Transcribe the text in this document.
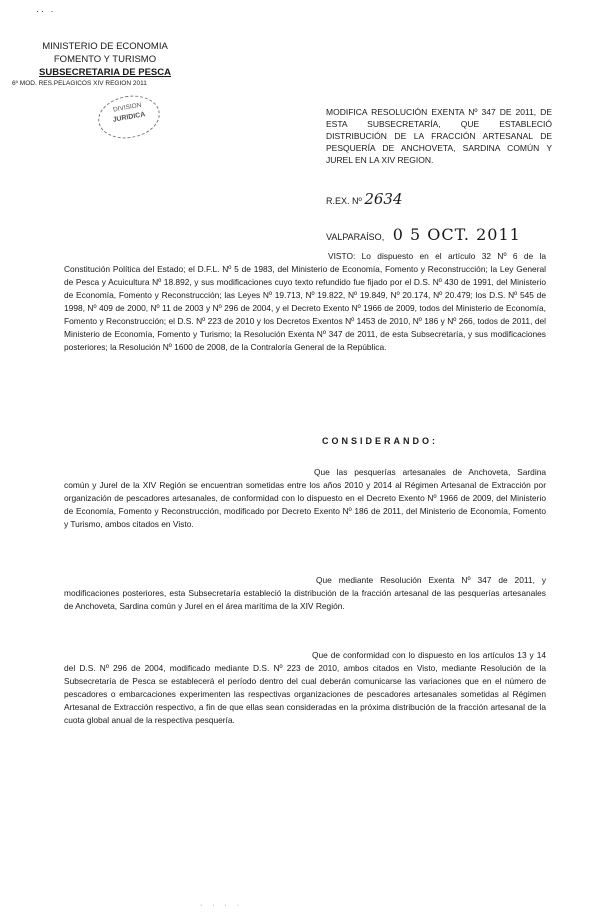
·· ·
MINISTERIO DE ECONOMIA
FOMENTO Y TURISMO
SUBSECRETARIA DE PESCA
6º MOD. RES.PELAGICOS XIV REGION 2011
DIVISION
JURIDICA	MODIFICA RESOLUCIÓN EXENTA Nº 347 DE 2011, DE ESTA SUBSECRETARÍA, QUE ESTABLECIÓ DISTRIBUCIÓN DE LA FRACCIÓN ARTESANAL DE PESQUERÍA DE ANCHOVETA, SARDINA COMÚN Y JUREL EN LA XIV REGION.
R.EX. Nº 2634
VALPARAÍSO, 0 5 OCT. 2011
VISTO: Lo dispuesto en el artículo 32 Nº 6 de la Constitución Política del Estado; el D.F.L. Nº 5 de 1983, del Ministerio de Economía, Fomento y Reconstrucción; la Ley General de Pesca y Acuicultura Nº 18.892, y sus modificaciones cuyo texto refundido fue fijado por el D.S. Nº 430 de 1991, del Ministerio de Economía, Fomento y Reconstrucción; las Leyes Nº 19.713, Nº 19.822, Nº 19.849, Nº 20.174, Nº 20.479; los D.S. Nº 545 de 1998, Nº 409 de 2000, Nº 11 de 2003 y Nº 296 de 2004, y el Decreto Exento Nº 1966 de 2009, todos del Ministerio de Economía, Fomento y Reconstrucción; el D.S. Nº 223 de 2010 y los Decretos Exentos Nº 1453 de 2010, Nº 186 y Nº 266, todos de 2011, del Ministerio de Economía, Fomento y Turismo; la Resolución Exenta Nº 347 de 2011, de esta Subsecretaría, y sus modificaciones posteriores; la Resolución Nº 1600 de 2008, de la Contraloría General de la República.
CONSIDERANDO:
Que las pesquerías artesanales de Anchoveta, Sardina común y Jurel de la XIV Región se encuentran sometidas entre los años 2010 y 2014 al Régimen Artesanal de Extracción por organización de pescadores artesanales, de conformidad con lo dispuesto en el Decreto Exento Nº 1966 de 2009, del Ministerio de Economía, Fomento y Reconstrucción, modificado por Decreto Exento Nº 186 de 2011, del Ministerio de Economía, Fomento y Turismo, ambos citados en Visto.
Que mediante Resolución Exenta Nº 347 de 2011, y modificaciones posteriores, esta Subsecretaría estableció la distribución de la fracción artesanal de las pesquerías artesanales de Anchoveta, Sardina común y Jurel en el área marítima de la XIV Región.
Que de conformidad con lo dispuesto en los artículos 13 y 14 del D.S. Nº 296 de 2004, modificado mediante D.S. Nº 223 de 2010, ambos citados en Visto, mediante Resolución de la Subsecretaría de Pesca se establecerá el período dentro del cual deberán comunicarse las variaciones que en el número de pescadores o embarcaciones experimenten las respectivas organizaciones de pescadores artesanales sometidas al Régimen Artesanal de Extracción respectivo, a fin de que ellas sean consideradas en la próxima distribución de la fracción artesanal de la cuota global anual de la respectiva pesquería.
· · · ·
